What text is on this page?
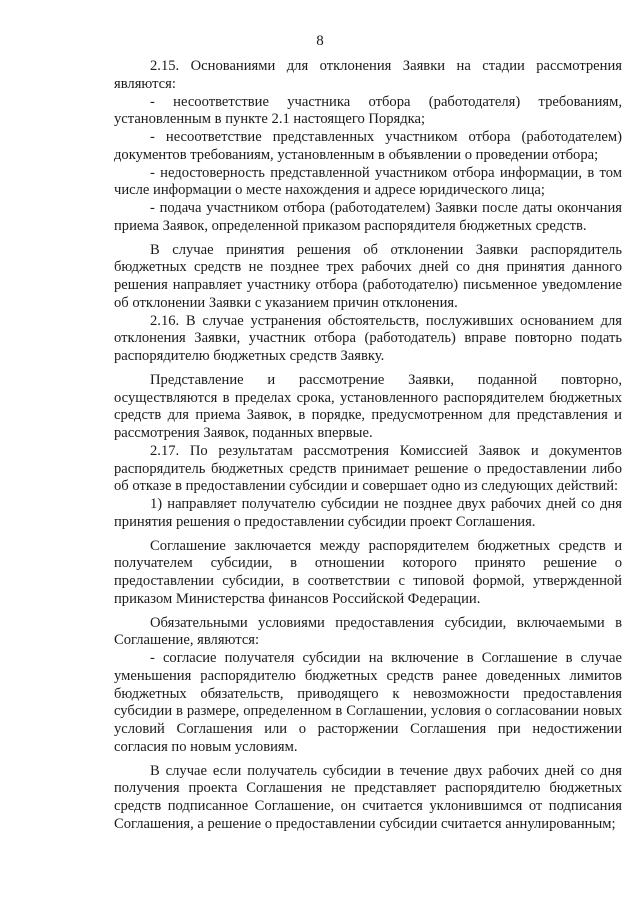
8

2.15. Основаниями для отклонения Заявки на стадии рассмотрения являются:

- несоответствие участника отбора (работодателя) требованиям, установленным в пункте 2.1 настоящего Порядка;

- несоответствие представленных участником отбора (работодателем) документов требованиям, установленным в объявлении о проведении отбора;

- недостоверность представленной участником отбора информации, в том числе информации о месте нахождения и адресе юридического лица;

- подача участником отбора (работодателем) Заявки после даты окончания приема Заявок, определенной приказом распорядителя бюджетных средств.

В случае принятия решения об отклонении Заявки распорядитель бюджетных средств не позднее трех рабочих дней со дня принятия данного решения направляет участнику отбора (работодателю) письменное уведомление об отклонении Заявки с указанием причин отклонения.

2.16. В случае устранения обстоятельств, послуживших основанием для отклонения Заявки, участник отбора (работодатель) вправе повторно подать распорядителю бюджетных средств Заявку.

Представление и рассмотрение Заявки, поданной повторно, осуществляются в пределах срока, установленного распорядителем бюджетных средств для приема Заявок, в порядке, предусмотренном для представления и рассмотрения Заявок, поданных впервые.

2.17. По результатам рассмотрения Комиссией Заявок и документов распорядитель бюджетных средств принимает решение о предоставлении либо об отказе в предоставлении субсидии и совершает одно из следующих действий:

1) направляет получателю субсидии не позднее двух рабочих дней со дня принятия решения о предоставлении субсидии проект Соглашения.

Соглашение заключается между распорядителем бюджетных средств и получателем субсидии, в отношении которого принято решение о предоставлении субсидии, в соответствии с типовой формой, утвержденной приказом Министерства финансов Российской Федерации.

Обязательными условиями предоставления субсидии, включаемыми в Соглашение, являются:

- согласие получателя субсидии на включение в Соглашение в случае уменьшения распорядителю бюджетных средств ранее доведенных лимитов бюджетных обязательств, приводящего к невозможности предоставления субсидии в размере, определенном в Соглашении, условия о согласовании новых условий Соглашения или о расторжении Соглашения при недостижении согласия по новым условиям.

В случае если получатель субсидии в течение двух рабочих дней со дня получения проекта Соглашения не представляет распорядителю бюджетных средств подписанное Соглашение, он считается уклонившимся от подписания Соглашения, а решение о предоставлении субсидии считается аннулированным;
